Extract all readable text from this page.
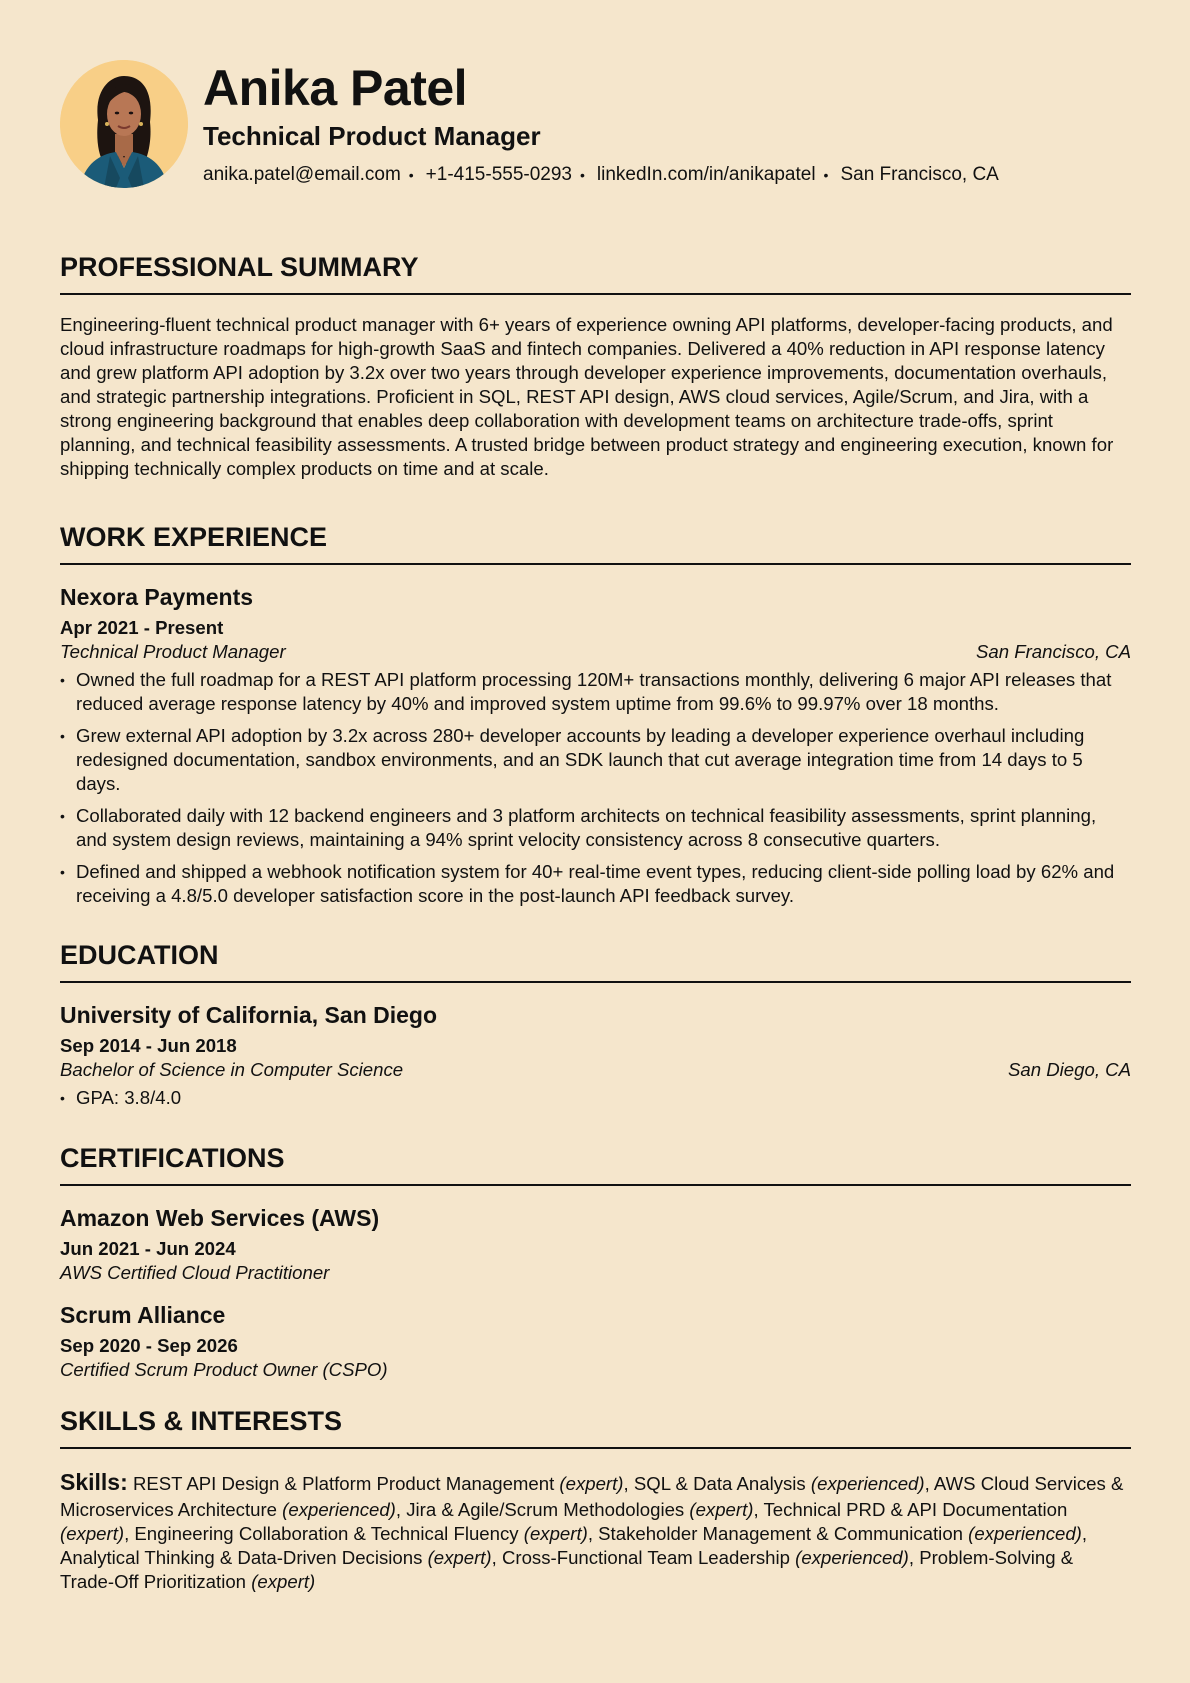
Anika Patel
Technical Product Manager
anika.patel@email.com • +1-415-555-0293 • linkedIn.com/in/anikapatel • San Francisco, CA
PROFESSIONAL SUMMARY
Engineering-fluent technical product manager with 6+ years of experience owning API platforms, developer-facing products, and cloud infrastructure roadmaps for high-growth SaaS and fintech companies. Delivered a 40% reduction in API response latency and grew platform API adoption by 3.2x over two years through developer experience improvements, documentation overhauls, and strategic partnership integrations. Proficient in SQL, REST API design, AWS cloud services, Agile/Scrum, and Jira, with a strong engineering background that enables deep collaboration with development teams on architecture trade-offs, sprint planning, and technical feasibility assessments. A trusted bridge between product strategy and engineering execution, known for shipping technically complex products on time and at scale.
WORK EXPERIENCE
Nexora Payments
Apr 2021 - Present
Technical Product Manager	San Francisco, CA
• Owned the full roadmap for a REST API platform processing 120M+ transactions monthly, delivering 6 major API releases that reduced average response latency by 40% and improved system uptime from 99.6% to 99.97% over 18 months.
• Grew external API adoption by 3.2x across 280+ developer accounts by leading a developer experience overhaul including redesigned documentation, sandbox environments, and an SDK launch that cut average integration time from 14 days to 5 days.
• Collaborated daily with 12 backend engineers and 3 platform architects on technical feasibility assessments, sprint planning, and system design reviews, maintaining a 94% sprint velocity consistency across 8 consecutive quarters.
• Defined and shipped a webhook notification system for 40+ real-time event types, reducing client-side polling load by 62% and receiving a 4.8/5.0 developer satisfaction score in the post-launch API feedback survey.
EDUCATION
University of California, San Diego
Sep 2014 - Jun 2018
Bachelor of Science in Computer Science	San Diego, CA
• GPA: 3.8/4.0
CERTIFICATIONS
Amazon Web Services (AWS)
Jun 2021 - Jun 2024
AWS Certified Cloud Practitioner
Scrum Alliance
Sep 2020 - Sep 2026
Certified Scrum Product Owner (CSPO)
SKILLS & INTERESTS
Skills: REST API Design & Platform Product Management (expert), SQL & Data Analysis (experienced), AWS Cloud Services & Microservices Architecture (experienced), Jira & Agile/Scrum Methodologies (expert), Technical PRD & API Documentation (expert), Engineering Collaboration & Technical Fluency (expert), Stakeholder Management & Communication (experienced), Analytical Thinking & Data-Driven Decisions (expert), Cross-Functional Team Leadership (experienced), Problem-Solving & Trade-Off Prioritization (expert)
